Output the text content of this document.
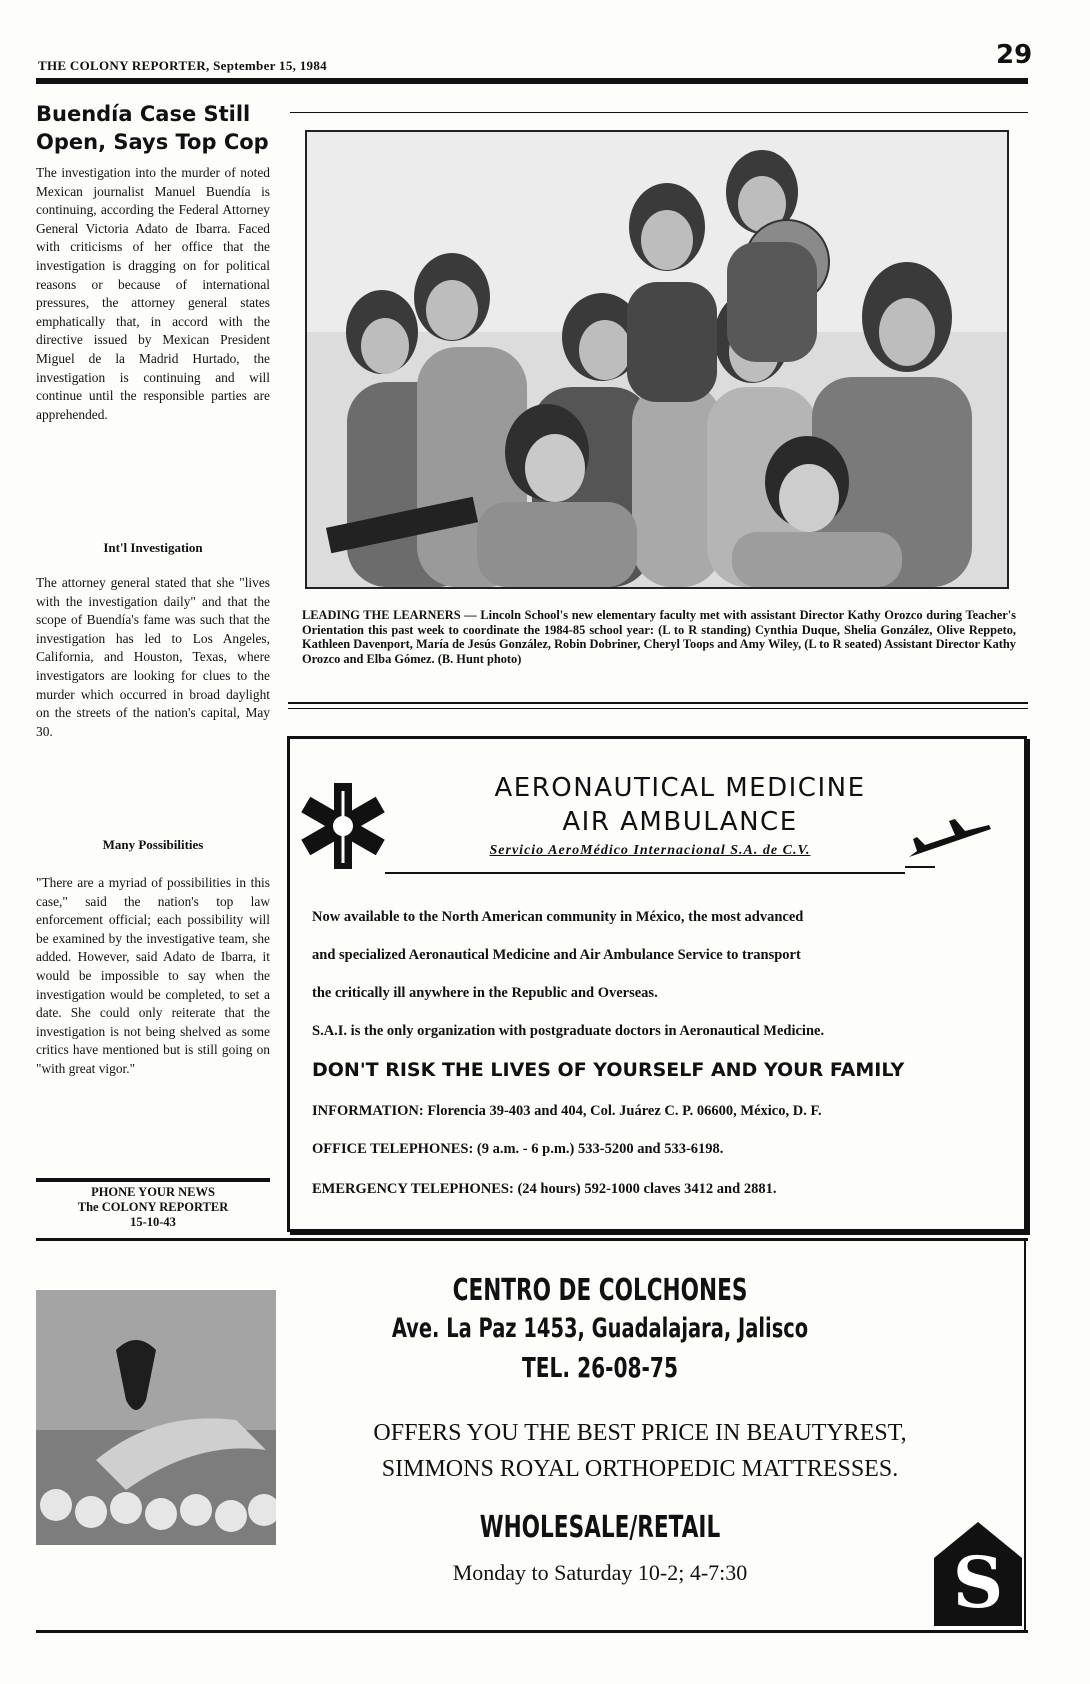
THE COLONY REPORTER, September 15, 1984	29
Buendía Case Still
Open, Says Top Cop
The investigation into the murder of noted Mexican journalist Manuel Buendía is continuing, according the Federal Attorney General Victoria Adato de Ibarra. Faced with criticisms of her office that the investigation is dragging on for political reasons or because of international pressures, the attorney general states emphatically that, in accord with the directive issued by Mexican President Miguel de la Madrid Hurtado, the investigation is continuing and will continue until the responsible parties are apprehended.
Int'l Investigation
The attorney general stated that she "lives with the investigation daily" and that the scope of Buendía's fame was such that the investigation has led to Los Angeles, California, and Houston, Texas, where investigators are looking for clues to the murder which occurred in broad daylight on the streets of the nation's capital, May 30.
Many Possibilities
"There are a myriad of possibilities in this case," said the nation's top law enforcement official; each possibility will be examined by the investigative team, she added. However, said Adato de Ibarra, it would be impossible to say when the investigation would be completed, to set a date. She could only reiterate that the investigation is not being shelved as some critics have mentioned but is still going on "with great vigor."
PHONE YOUR NEWS
The COLONY REPORTER
15-10-43
LEADING THE LEARNERS — Lincoln School's new elementary faculty met with assistant Director Kathy Orozco during Teacher's Orientation this past week to coordinate the 1984-85 school year: (L to R standing) Cynthia Duque, Shelia González, Olive Reppeto, Kathleen Davenport, María de Jesús González, Robin Dobriner, Cheryl Toops and Amy Wiley, (L to R seated) Assistant Director Kathy Orozco and Elba Gómez. (B. Hunt photo)
AERONAUTICAL MEDICINE
AIR AMBULANCE
Servicio AeroMédico Internacional S.A. de C.V.
Now available to the North American community in México, the most advanced
and specialized Aeronautical Medicine and Air Ambulance Service to transport
the critically ill anywhere in the Republic and Overseas.
S.A.I. is the only organization with postgraduate doctors in Aeronautical Medicine.
DON'T RISK THE LIVES OF YOURSELF AND YOUR FAMILY
INFORMATION: Florencia 39-403 and 404, Col. Juárez C. P. 06600, México, D. F.
OFFICE TELEPHONES: (9 a.m. - 6 p.m.) 533-5200 and 533-6198.
EMERGENCY TELEPHONES: (24 hours) 592-1000 claves 3412 and 2881.
CENTRO DE COLCHONES
Ave. La Paz 1453, Guadalajara, Jalisco
TEL. 26-08-75
OFFERS YOU THE BEST PRICE IN BEAUTYREST,
SIMMONS ROYAL ORTHOPEDIC MATTRESSES.
WHOLESALE/RETAIL
Monday to Saturday 10-2; 4-7:30	S
